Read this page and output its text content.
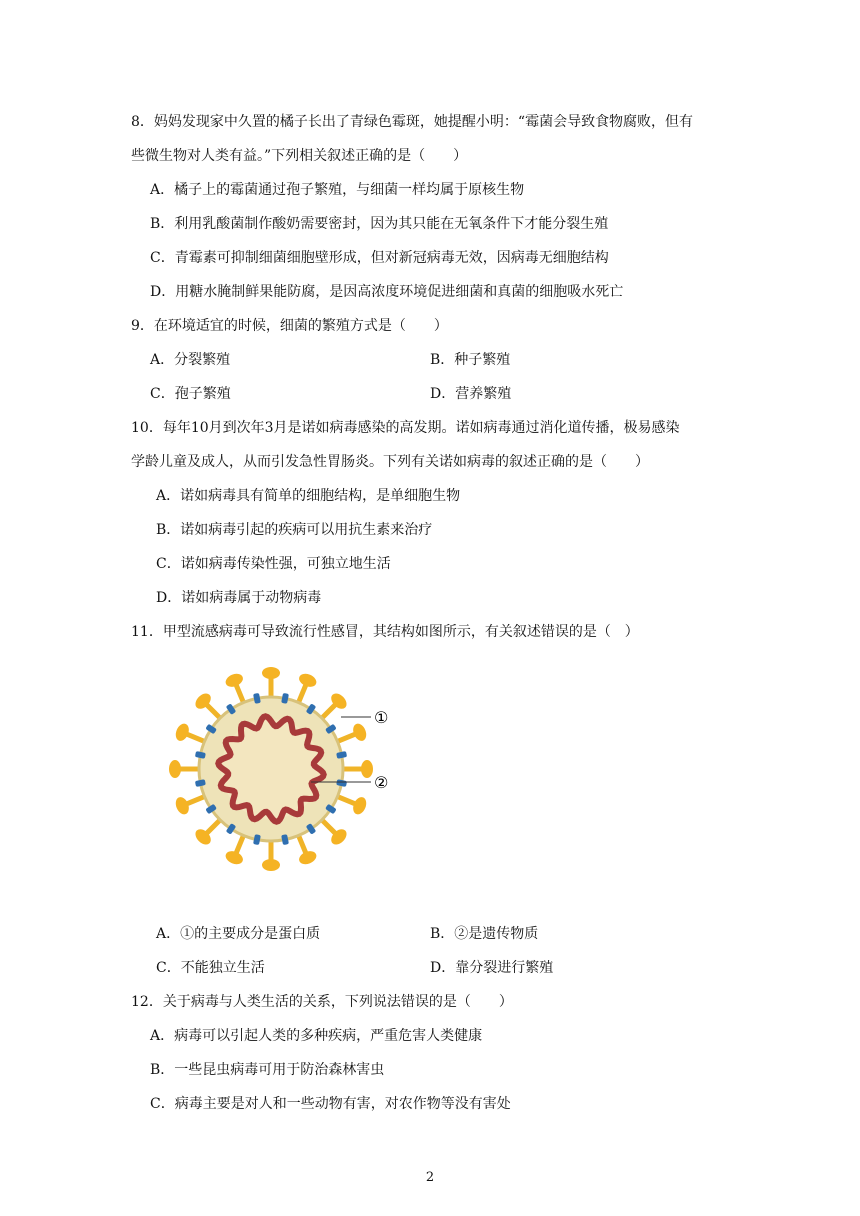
8．妈妈发现家中久置的橘子长出了青绿色霉斑，她提醒小明：“霉菌会导致食物腐败，但有
些微生物对人类有益。”下列相关叙述正确的是（　　）
A．橘子上的霉菌通过孢子繁殖，与细菌一样均属于原核生物
B．利用乳酸菌制作酸奶需要密封，因为其只能在无氧条件下才能分裂生殖
C．青霉素可抑制细菌细胞壁形成，但对新冠病毒无效，因病毒无细胞结构
D．用糖水腌制鲜果能防腐，是因高浓度环境促进细菌和真菌的细胞吸水死亡
9．在环境适宜的时候，细菌的繁殖方式是（　　）
A．分裂繁殖	B．种子繁殖
C．孢子繁殖	D．营养繁殖
10．每年10月到次年3月是诺如病毒感染的高发期。诺如病毒通过消化道传播，极易感染
学龄儿童及成人，从而引发急性胃肠炎。下列有关诺如病毒的叙述正确的是（　　）
A．诺如病毒具有简单的细胞结构，是单细胞生物
B．诺如病毒引起的疾病可以用抗生素来治疗
C．诺如病毒传染性强，可独立地生活
D．诺如病毒属于动物病毒
11．甲型流感病毒可导致流行性感冒，其结构如图所示，有关叙述错误的是（　）
①
②
A．①的主要成分是蛋白质	B．②是遗传物质
C．不能独立生活	D．靠分裂进行繁殖
12．关于病毒与人类生活的关系，下列说法错误的是（　　）
A．病毒可以引起人类的多种疾病，严重危害人类健康
B．一些昆虫病毒可用于防治森林害虫
C．病毒主要是对人和一些动物有害，对农作物等没有害处
2
